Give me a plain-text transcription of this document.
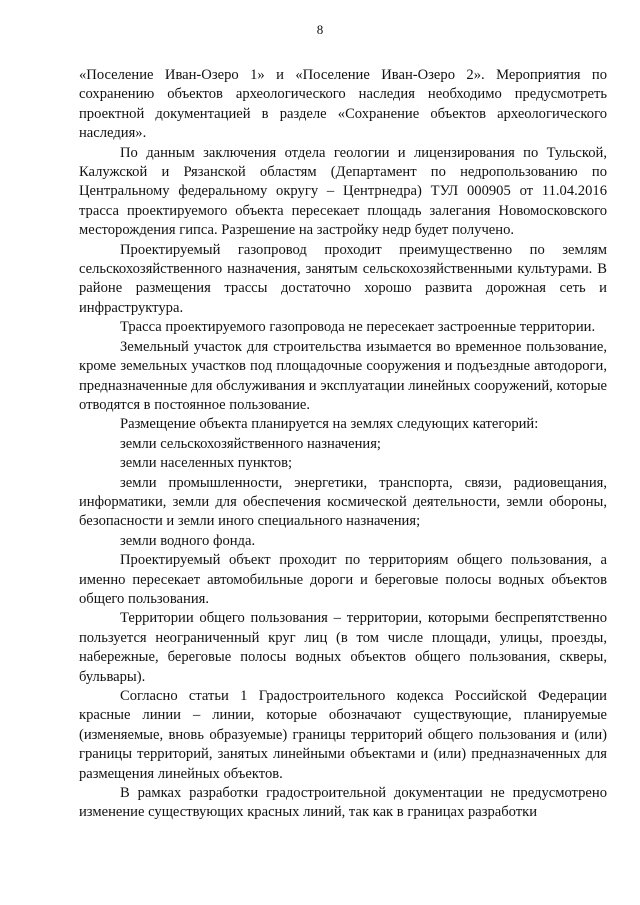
8

«Поселение Иван-Озеро 1» и «Поселение Иван-Озеро 2». Мероприятия по сохранению объектов археологического наследия необходимо предусмотреть проектной документацией в разделе «Сохранение объектов археологического наследия».

По данным заключения отдела геологии и лицензирования по Тульской, Калужской и Рязанской областям (Департамент по недропользованию по Центральному федеральному округу – Центрнедра) ТУЛ 000905 от 11.04.2016 трасса проектируемого объекта пересекает площадь залегания Новомосковского месторождения гипса. Разрешение на застройку недр будет получено.

Проектируемый газопровод проходит преимущественно по землям сельскохозяйственного назначения, занятым сельскохозяйственными культурами. В районе размещения трассы достаточно хорошо развита дорожная сеть и инфраструктура.

Трасса проектируемого газопровода не пересекает застроенные территории.

Земельный участок для строительства изымается во временное пользование, кроме земельных участков под площадочные сооружения и подъездные автодороги, предназначенные для обслуживания и эксплуатации линейных сооружений, которые отводятся в постоянное пользование.

Размещение объекта планируется на землях следующих категорий:

земли сельскохозяйственного назначения;

земли населенных пунктов;

земли промышленности, энергетики, транспорта, связи, радиовещания, информатики, земли для обеспечения космической деятельности, земли обороны, безопасности и земли иного специального назначения;

земли водного фонда.

Проектируемый объект проходит по территориям общего пользования, а именно пересекает автомобильные дороги и береговые полосы водных объектов общего пользования.

Территории общего пользования – территории, которыми беспрепятственно пользуется неограниченный круг лиц (в том числе площади, улицы, проезды, набережные, береговые полосы водных объектов общего пользования, скверы, бульвары).

Согласно статьи 1 Градостроительного кодекса Российской Федерации красные линии – линии, которые обозначают существующие, планируемые (изменяемые, вновь образуемые) границы территорий общего пользования и (или) границы территорий, занятых линейными объектами и (или) предназначенных для размещения линейных объектов.

В рамках разработки градостроительной документации не предусмотрено изменение существующих красных линий, так как в границах разработки
